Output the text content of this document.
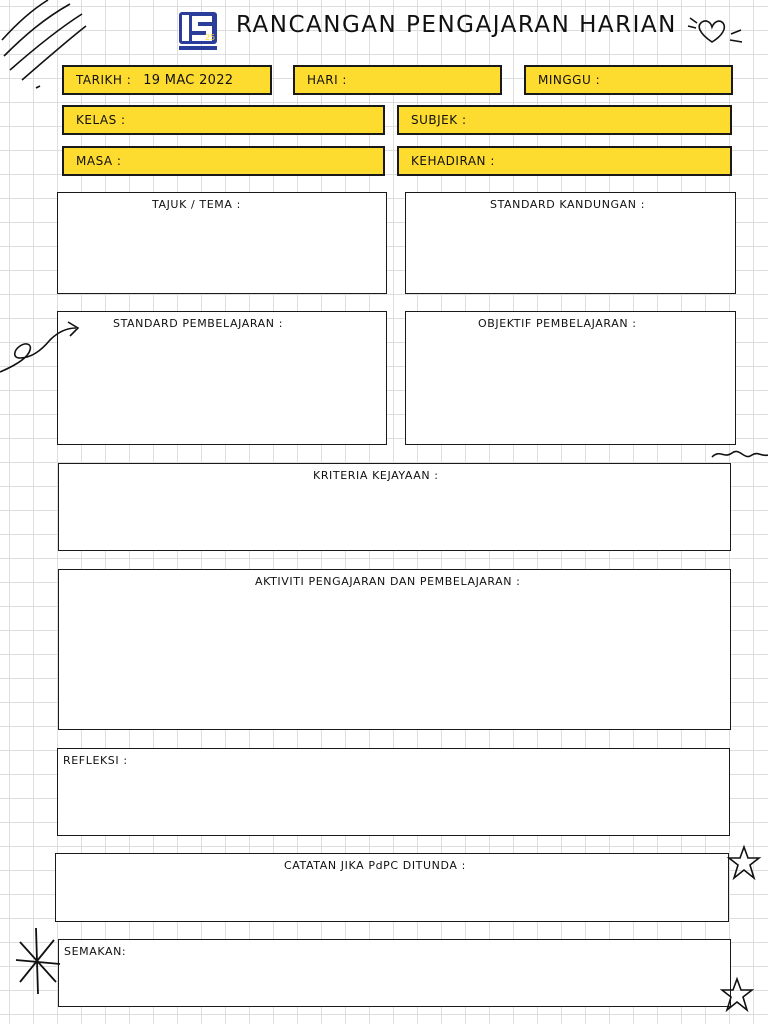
25 RANCANGAN PENGAJARAN HARIAN
TARIKH : 19 MAC 2022	HARI :	MINGGU :
KELAS :	SUBJEK :
MASA :	KEHADIRAN :
TAJUK / TEMA :	STANDARD KANDUNGAN :
STANDARD PEMBELAJARAN :	OBJEKTIF PEMBELAJARAN :
KRITERIA KEJAYAAN :
AKTIVITI PENGAJARAN DAN PEMBELAJARAN :
REFLEKSI :
CATATAN JIKA PdPC DITUNDA :
SEMAKAN:
